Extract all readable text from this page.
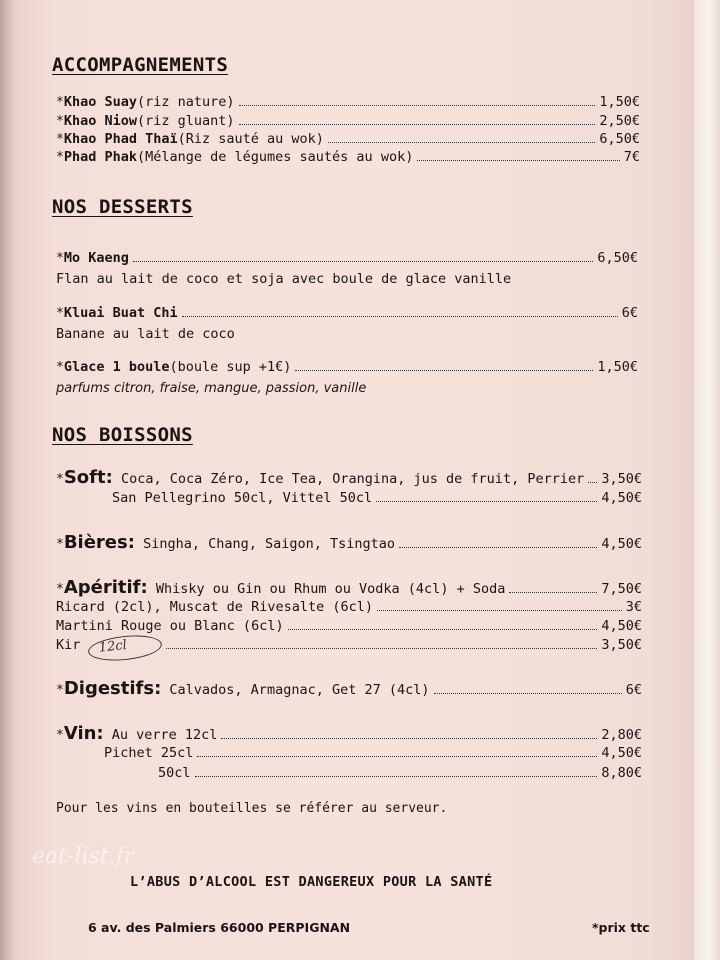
ACCOMPAGNEMENTS
* Khao Suay (riz nature)	1,50€
* Khao Niow (riz gluant)	2,50€
* Khao Phad Thaï (Riz sauté au wok)	6,50€
* Phad Phak (Mélange de légumes sautés au wok)	7€
NOS DESSERTS
* Mo Kaeng	6,50€
Flan au lait de coco et soja avec boule de glace vanille
* Kluai Buat Chi	6€
Banane au lait de coco
* Glace 1 boule (boule sup +1€)	1,50€
parfums citron, fraise, mangue, passion, vanille
NOS BOISSONS
* Soft:
Coca, Coca Zéro, Ice Tea, Orangina, jus de fruit, Perrier 3,50€
San Pellegrino 50cl, Vittel 50cl	4,50€
* Bières:
Singha, Chang, Saigon, Tsingtao	4,50€
* Apéritif:
Whisky ou Gin ou Rhum ou Vodka (4cl) + Soda	7,50€
Ricard (2cl), Muscat de Rivesalte (6cl)	3€
Martini Rouge ou Blanc (6cl)	4,50€
Kir	3,50€
12cl
* Digestifs:
Calvados, Armagnac, Get 27 (4cl)	6€
* Vin:
Au verre 12cl	2,80€
Pichet 25cl	4,50€
50cl	8,80€
Pour les vins en bouteilles se référer au serveur.
eat-list.fr
L’ABUS D’ALCOOL EST DANGEREUX POUR LA SANTÉ
6 av. des Palmiers 66000 PERPIGNAN	*prix ttc
